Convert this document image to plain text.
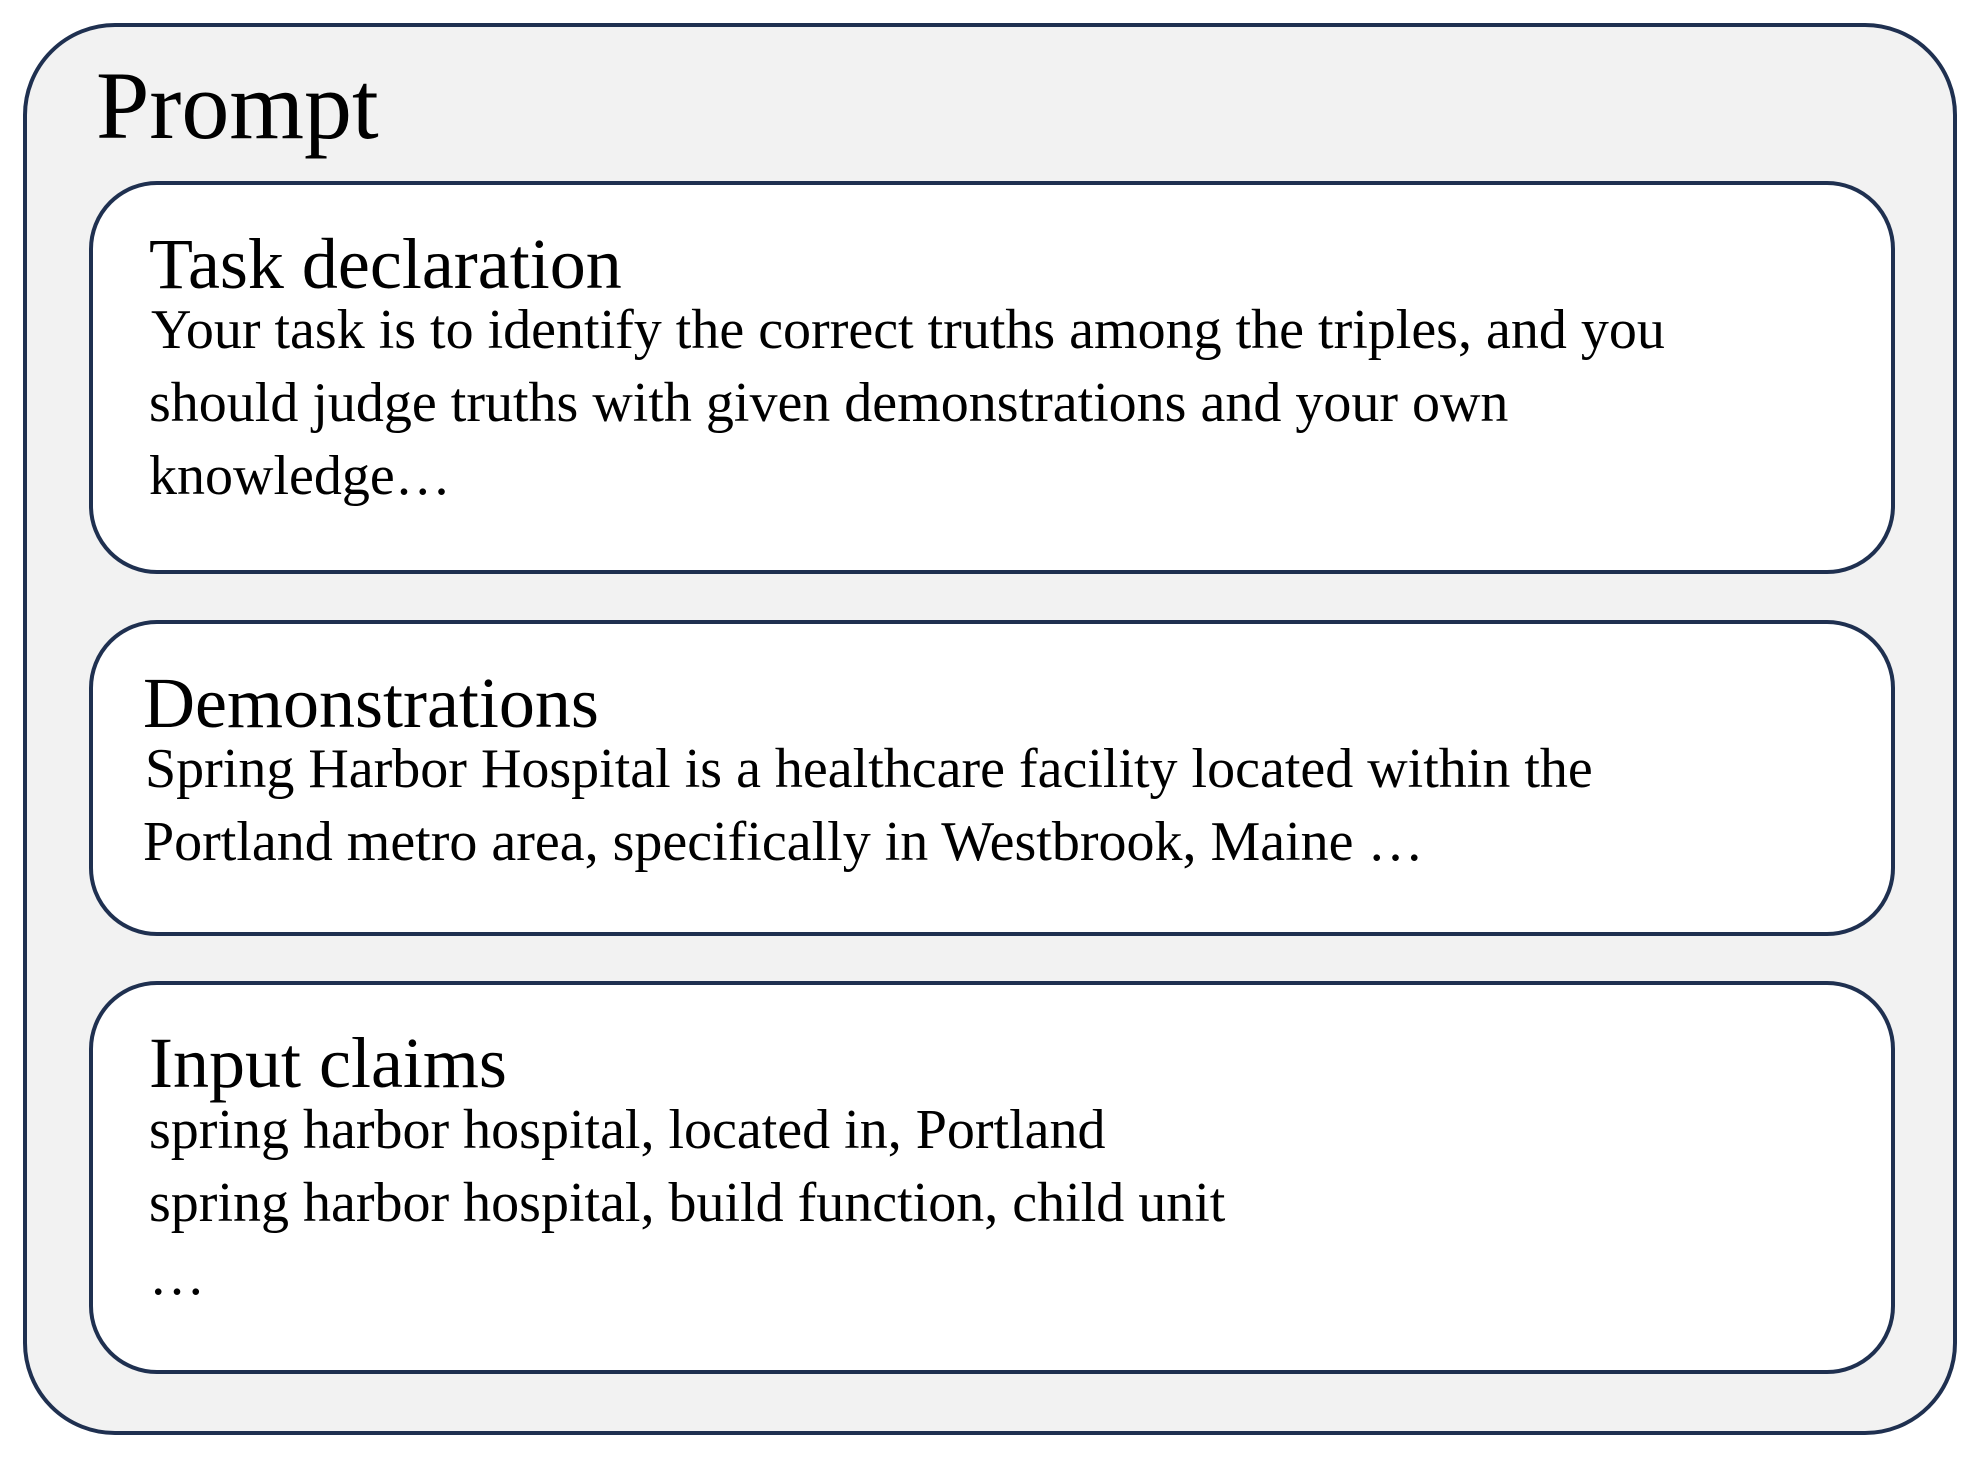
Prompt
Task declaration
Your task is to identify the correct truths among the triples, and you
should judge truths with given demonstrations and your own
knowledge…
Demonstrations
Spring Harbor Hospital is a healthcare facility located within the
Portland metro area, specifically in Westbrook, Maine …
Input claims
spring harbor hospital, located in, Portland
spring harbor hospital, build function, child unit
…
